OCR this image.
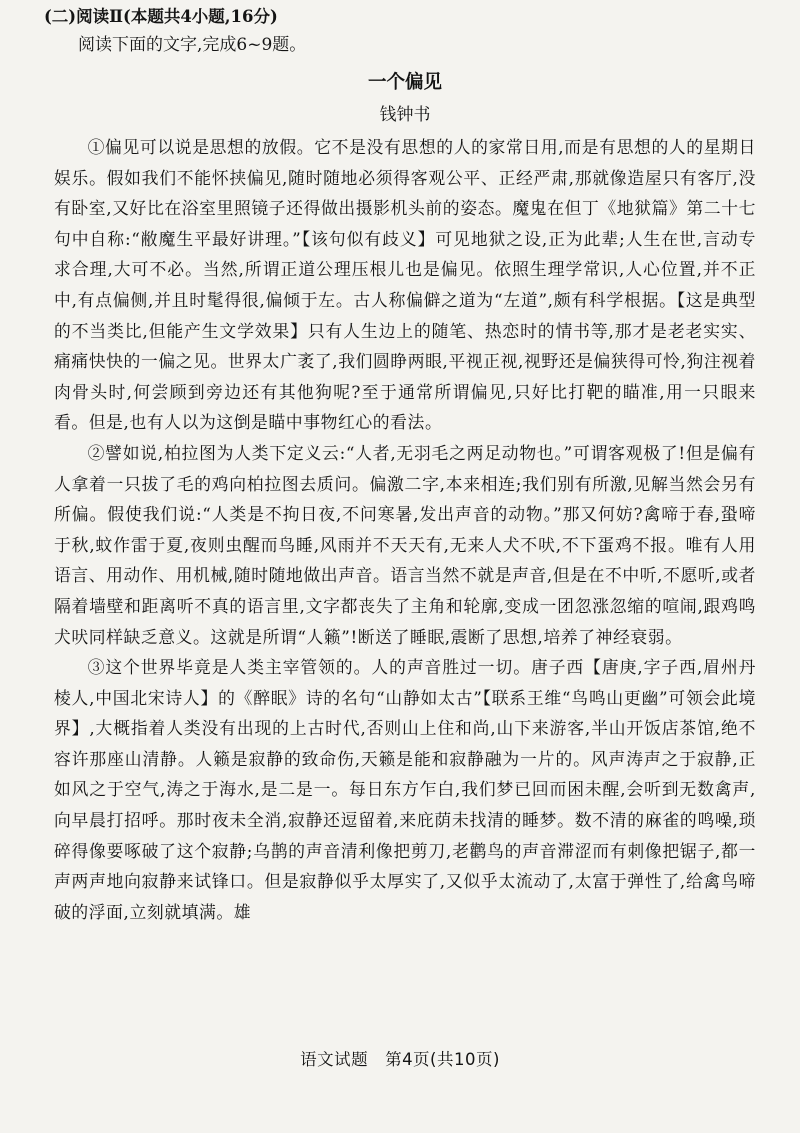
(二)阅读Ⅱ(本题共4小题,16分)
阅读下面的文字,完成6~9题。
一个偏见
钱钟书

①偏见可以说是思想的放假。它不是没有思想的人的家常日用,而是有思想的人的星期日娱乐。假如我们不能怀挟偏见,随时随地必须得客观公平、正经严肃,那就像造屋只有客厅,没有卧室,又好比在浴室里照镜子还得做出摄影机头前的姿态。魔鬼在但丁《地狱篇》第二十七句中自称:“敝魔生平最好讲理。”【该句似有歧义】可见地狱之设,正为此辈;人生在世,言动专求合理,大可不必。当然,所谓正道公理压根儿也是偏见。依照生理学常识,人心位置,并不正中,有点偏侧,并且时髦得很,偏倾于左。古人称偏僻之道为“左道”,颇有科学根据。【这是典型的不当类比,但能产生文学效果】只有人生边上的随笔、热恋时的情书等,那才是老老实实、痛痛快快的一偏之见。世界太广袤了,我们圆睁两眼,平视正视,视野还是偏狭得可怜,狗注视着肉骨头时,何尝顾到旁边还有其他狗呢?至于通常所谓偏见,只好比打靶的瞄准,用一只眼来看。但是,也有人以为这倒是瞄中事物红心的看法。

②譬如说,柏拉图为人类下定义云:“人者,无羽毛之两足动物也。”可谓客观极了!但是偏有人拿着一只拔了毛的鸡向柏拉图去质问。偏激二字,本来相连;我们别有所激,见解当然会另有所偏。假使我们说:“人类是不拘日夜,不问寒暑,发出声音的动物。”那又何妨?禽啼于春,蛩啼于秋,蚊作雷于夏,夜则虫醒而鸟睡,风雨并不天天有,无来人犬不吠,不下蛋鸡不报。唯有人用语言、用动作、用机械,随时随地做出声音。语言当然不就是声音,但是在不中听,不愿听,或者隔着墙壁和距离听不真的语言里,文字都丧失了主角和轮廓,变成一团忽涨忽缩的喧闹,跟鸡鸣犬吠同样缺乏意义。这就是所谓“人籁”!断送了睡眠,震断了思想,培养了神经衰弱。

③这个世界毕竟是人类主宰管领的。人的声音胜过一切。唐子西【唐庚,字子西,眉州丹棱人,中国北宋诗人】的《醉眠》诗的名句“山静如太古”【联系王维“鸟鸣山更幽”可领会此境界】,大概指着人类没有出现的上古时代,否则山上住和尚,山下来游客,半山开饭店茶馆,绝不容许那座山清静。人籁是寂静的致命伤,天籁是能和寂静融为一片的。风声涛声之于寂静,正如风之于空气,涛之于海水,是二是一。每日东方乍白,我们梦已回而困未醒,会听到无数禽声,向早晨打招呼。那时夜未全消,寂静还逗留着,来庇荫未找清的睡梦。数不清的麻雀的鸣噪,琐碎得像要啄破了这个寂静;乌鹊的声音清利像把剪刀,老鹳鸟的声音滞涩而有刺像把锯子,都一声两声地向寂静来试锋口。但是寂静似乎太厚实了,又似乎太流动了,太富于弹性了,给禽鸟啼破的浮面,立刻就填满。雄

语文试题　第4页(共10页)
